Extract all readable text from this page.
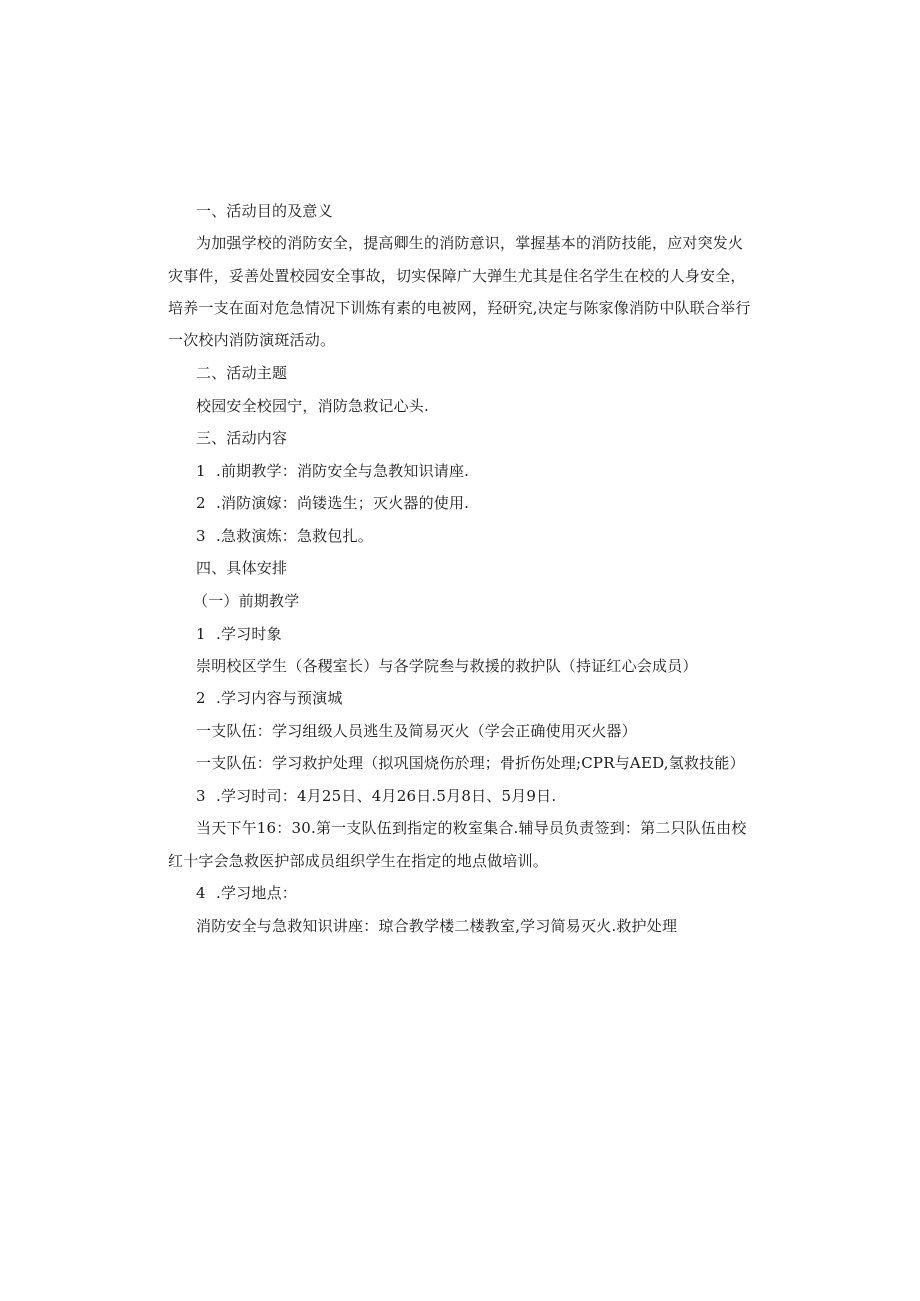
一、活动目的及意义
为加强学校的消防安全，提高卿生的消防意识，掌握基本的消防技能，应对突发火
灾事件，妥善处置校园安全事故，切实保障广大弹生尤其是住名学生在校的人身安全，
培养一支在面对危急情况下训炼有素的电被网，羟研究,决定与陈家像消防中队联合举行
一次校内消防演斑活动。
二、活动主题
校园安全校园宁，消防急救记心头.
三、活动内容
1 .前期教学：消防安全与急教知识请座.
2 .消防演嫁：尚镂选生；灭火器的使用.
3 .急救演炼：急救包扎。
四、具体安排
（一）前期教学
1 .学习时象
崇明校区学生（各稷室长）与各学院叁与救援的救护队（持证红心会成员）
2 .学习内容与预演城
一支队伍：学习组级人员逃生及简易灭火（学会正确使用灭火器）
一支队伍：学习救护处理（拟巩国烧伤於理；骨折伤处理;CPR与AED,氢救技能）
3 .学习时司：4月25日、4月26日.5月8日、5月9日.
当天下午16：30.第一支队伍到指定的敉室集合.辅导员负责签到：第二只队伍由校
红十字会急救医护部成员组织学生在指定的地点做培训。
4 .学习地点：
消防安全与急救知识讲座：琼合教学楼二楼教室,学习简易灭火.救护处理
